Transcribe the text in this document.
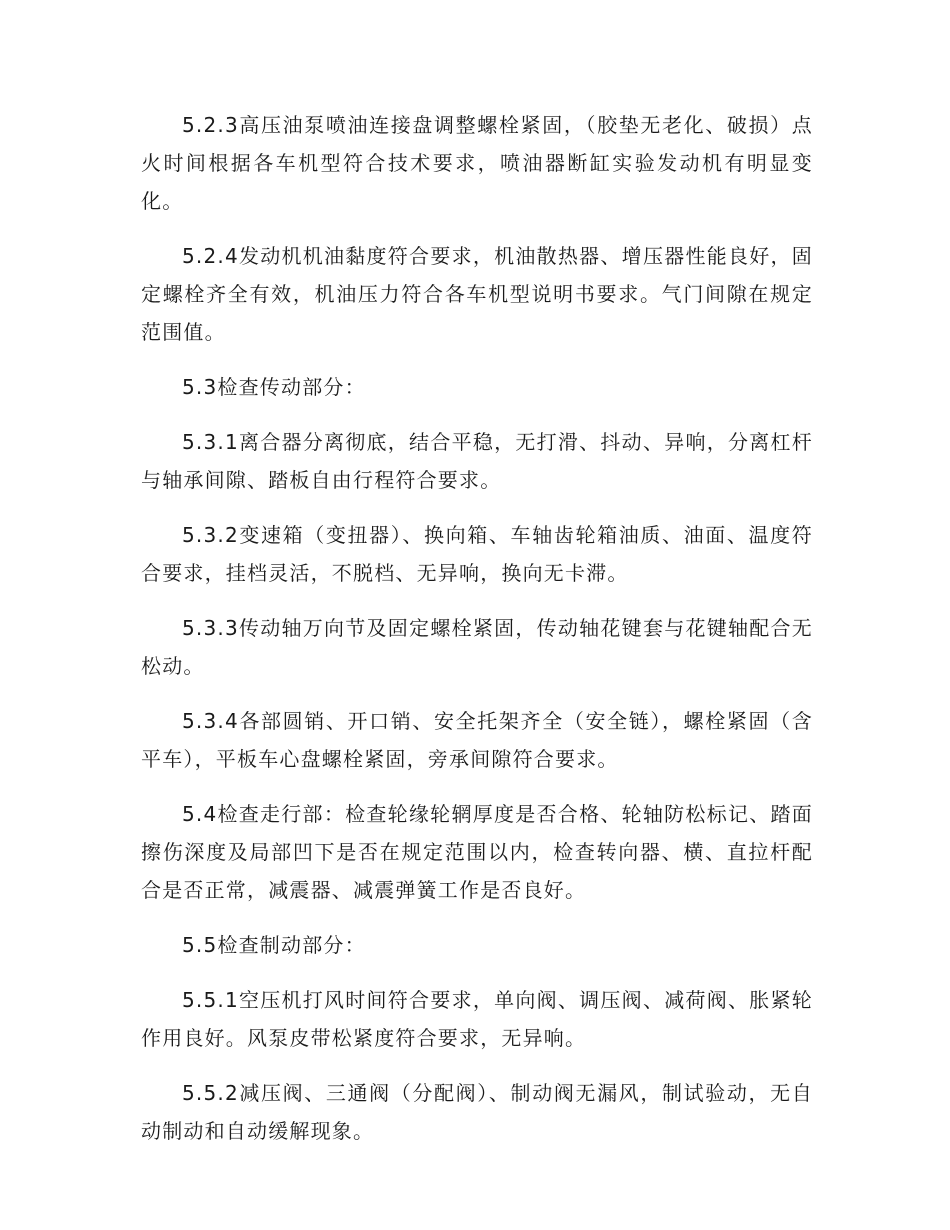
5.2.3高压油泵喷油连接盘调整螺栓紧固，（胶垫无老化、破损）点火时间根据各车机型符合技术要求，喷油器断缸实验发动机有明显变化。

5.2.4发动机机油黏度符合要求，机油散热器、增压器性能良好，固定螺栓齐全有效，机油压力符合各车机型说明书要求。气门间隙在规定范围值。

5.3检查传动部分：

5.3.1离合器分离彻底，结合平稳，无打滑、抖动、异响，分离杠杆与轴承间隙、踏板自由行程符合要求。

5.3.2变速箱（变扭器）、换向箱、车轴齿轮箱油质、油面、温度符合要求，挂档灵活，不脱档、无异响，换向无卡滞。

5.3.3传动轴万向节及固定螺栓紧固，传动轴花键套与花键轴配合无松动。

5.3.4各部圆销、开口销、安全托架齐全（安全链），螺栓紧固（含平车），平板车心盘螺栓紧固，旁承间隙符合要求。

5.4检查走行部：检查轮缘轮辋厚度是否合格、轮轴防松标记、踏面擦伤深度及局部凹下是否在规定范围以内，检查转向器、横、直拉杆配合是否正常，减震器、减震弹簧工作是否良好。

5.5检查制动部分：

5.5.1空压机打风时间符合要求，单向阀、调压阀、减荷阀、胀紧轮作用良好。风泵皮带松紧度符合要求，无异响。

5.5.2减压阀、三通阀（分配阀）、制动阀无漏风，制试验动，无自动制动和自动缓解现象。
